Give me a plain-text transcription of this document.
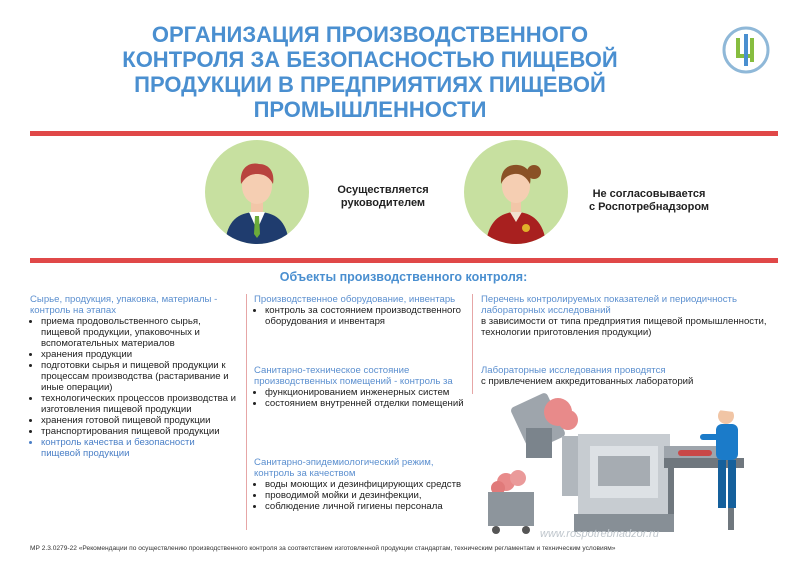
ОРГАНИЗАЦИЯ ПРОИЗВОДСТВЕННОГО
КОНТРОЛЯ ЗА БЕЗОПАСНОСТЬЮ ПИЩЕВОЙ
ПРОДУКЦИИ В ПРЕДПРИЯТИЯХ ПИЩЕВОЙ
ПРОМЫШЛЕННОСТИ
Осуществляется
руководителем
Не согласовывается
с Роспотребнадзором
Объекты производственного контроля:
Сырье, продукция, упаковка, материалы - контроль на этапах
• приема продовольственного сырья, пищевой продукции, упаковочных и вспомогательных материалов
• хранения продукции
• подготовки сырья и пищевой продукции к процессам производства (растаривание и иные операции)
• технологических процессов производства и изготовления пищевой продукции
• хранения готовой пищевой продукции
• транспортирования пищевой продукции
• контроль качества и безопасности пищевой продукции
Производственное оборудование, инвентарь
• контроль за состоянием производственного оборудования и инвентаря
Санитарно-техническое состояние производственных помещений - контроль за
• функционированием инженерных систем
• состоянием внутренней отделки помещений
Санитарно-эпидемиологический режим, контроль за качеством
• воды моющих и дезинфицирующих средств
• проводимой мойки и дезинфекции,
• соблюдение личной гигиены персонала
Перечень контролируемых показателей и периодичность лабораторных исследований
в зависимости от типа предприятия пищевой промышленности, технологии приготовления продукции)
Лабораторные исследования проводятся
с привлечением аккредитованных лабораторий
www.rospotrebnadzor.ru
МР 2.3.0279-22 «Рекомендации по осуществлению производственного контроля за соответствием изготовленной продукции стандартам, техническим регламентам и техническим условиям»
